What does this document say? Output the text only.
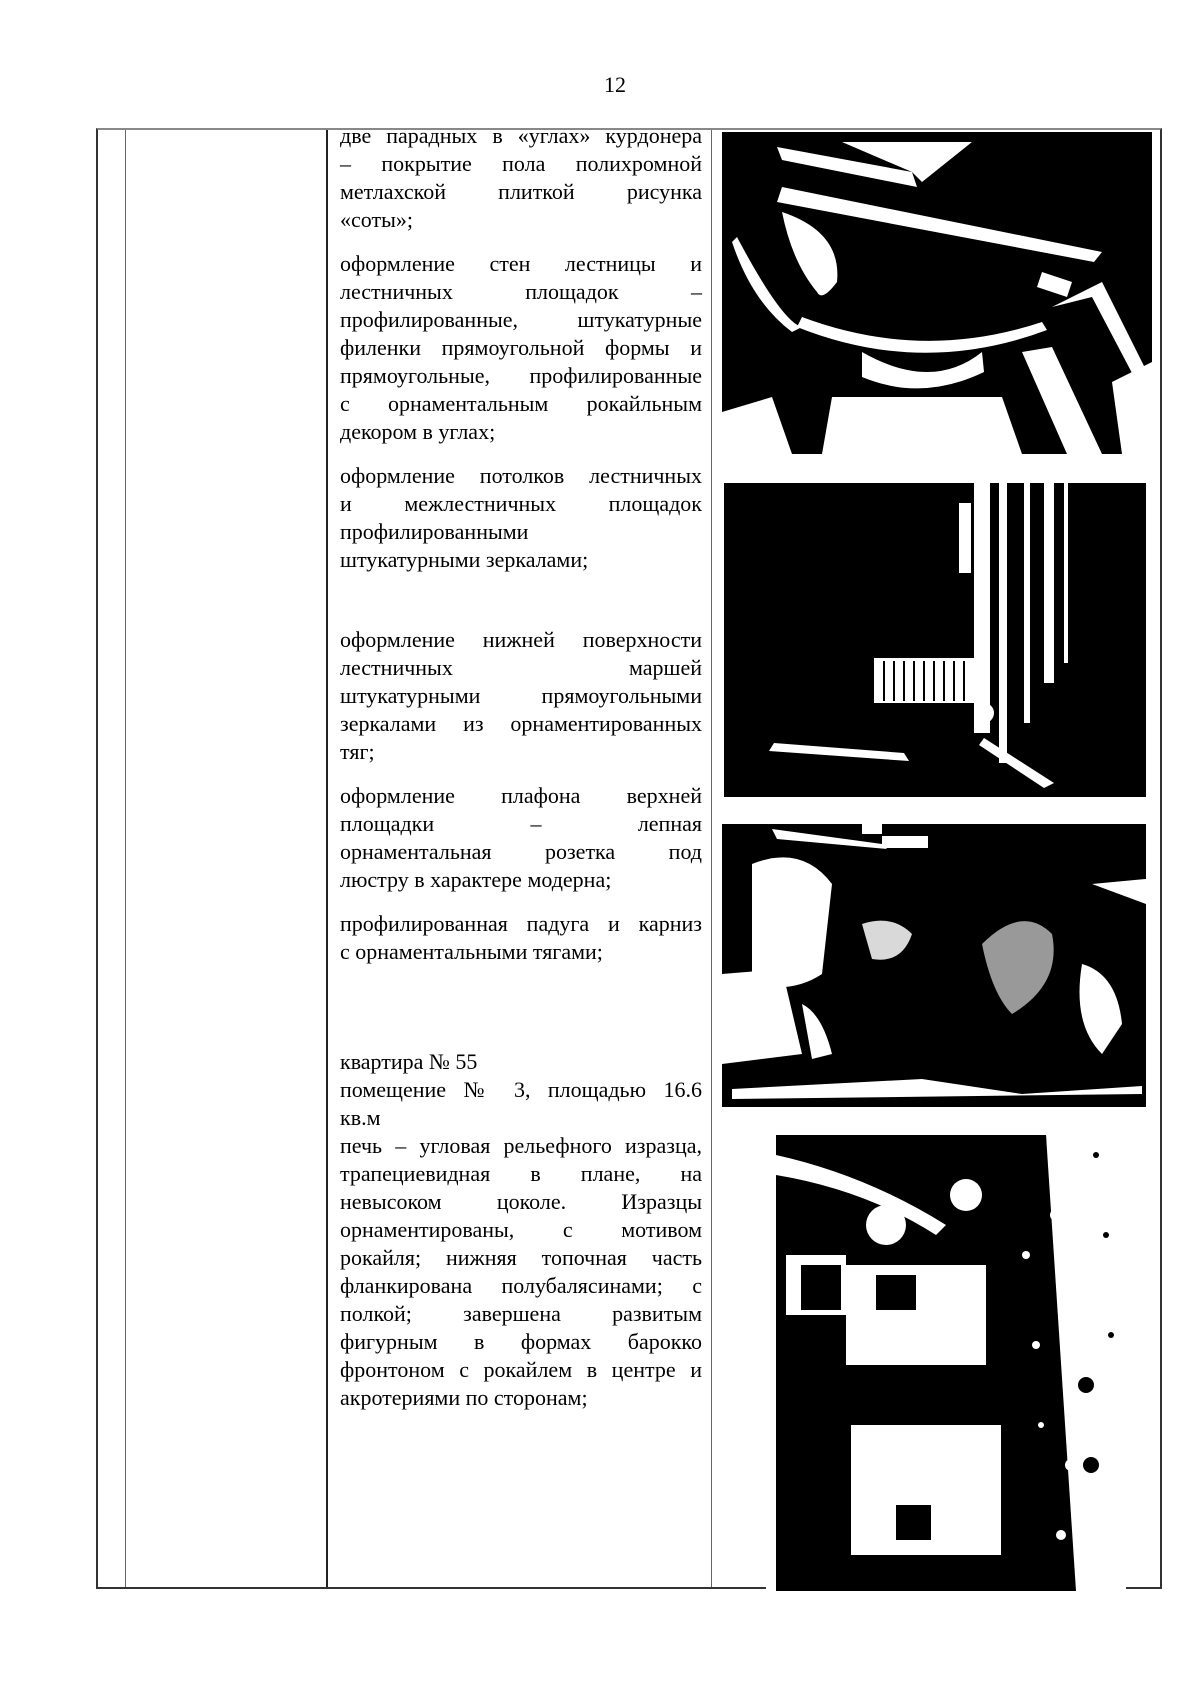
12
две парадных в «углах» курдонера
– покрытие пола полихромной
метлахской плиткой рисунка
«соты»;
оформление стен лестницы и
лестничных площадок –
профилированные, штукатурные
филенки прямоугольной формы и
прямоугольные, профилированные
с орнаментальным рокайльным
декором в углах;
оформление потолков лестничных
и межлестничных площадок
профилированными
штукатурными зеркалами;
оформление нижней поверхности
лестничных маршей
штукатурными прямоугольными
зеркалами из орнаментированных
тяг;
оформление плафона верхней
площадки – лепная
орнаментальная розетка под
люстру в характере модерна;
профилированная падуга и карниз
с орнаментальными тягами;
квартира № 55
помещение № 3, площадью 16.6
кв.м
печь – угловая рельефного изразца,
трапециевидная в плане, на
невысоком цоколе. Изразцы
орнаментированы, с мотивом
рокайля; нижняя топочная часть
фланкирована полубалясинами; с
полкой; завершена развитым
фигурным в формах барокко
фронтоном с рокайлем в центре и
акротериями по сторонам;
